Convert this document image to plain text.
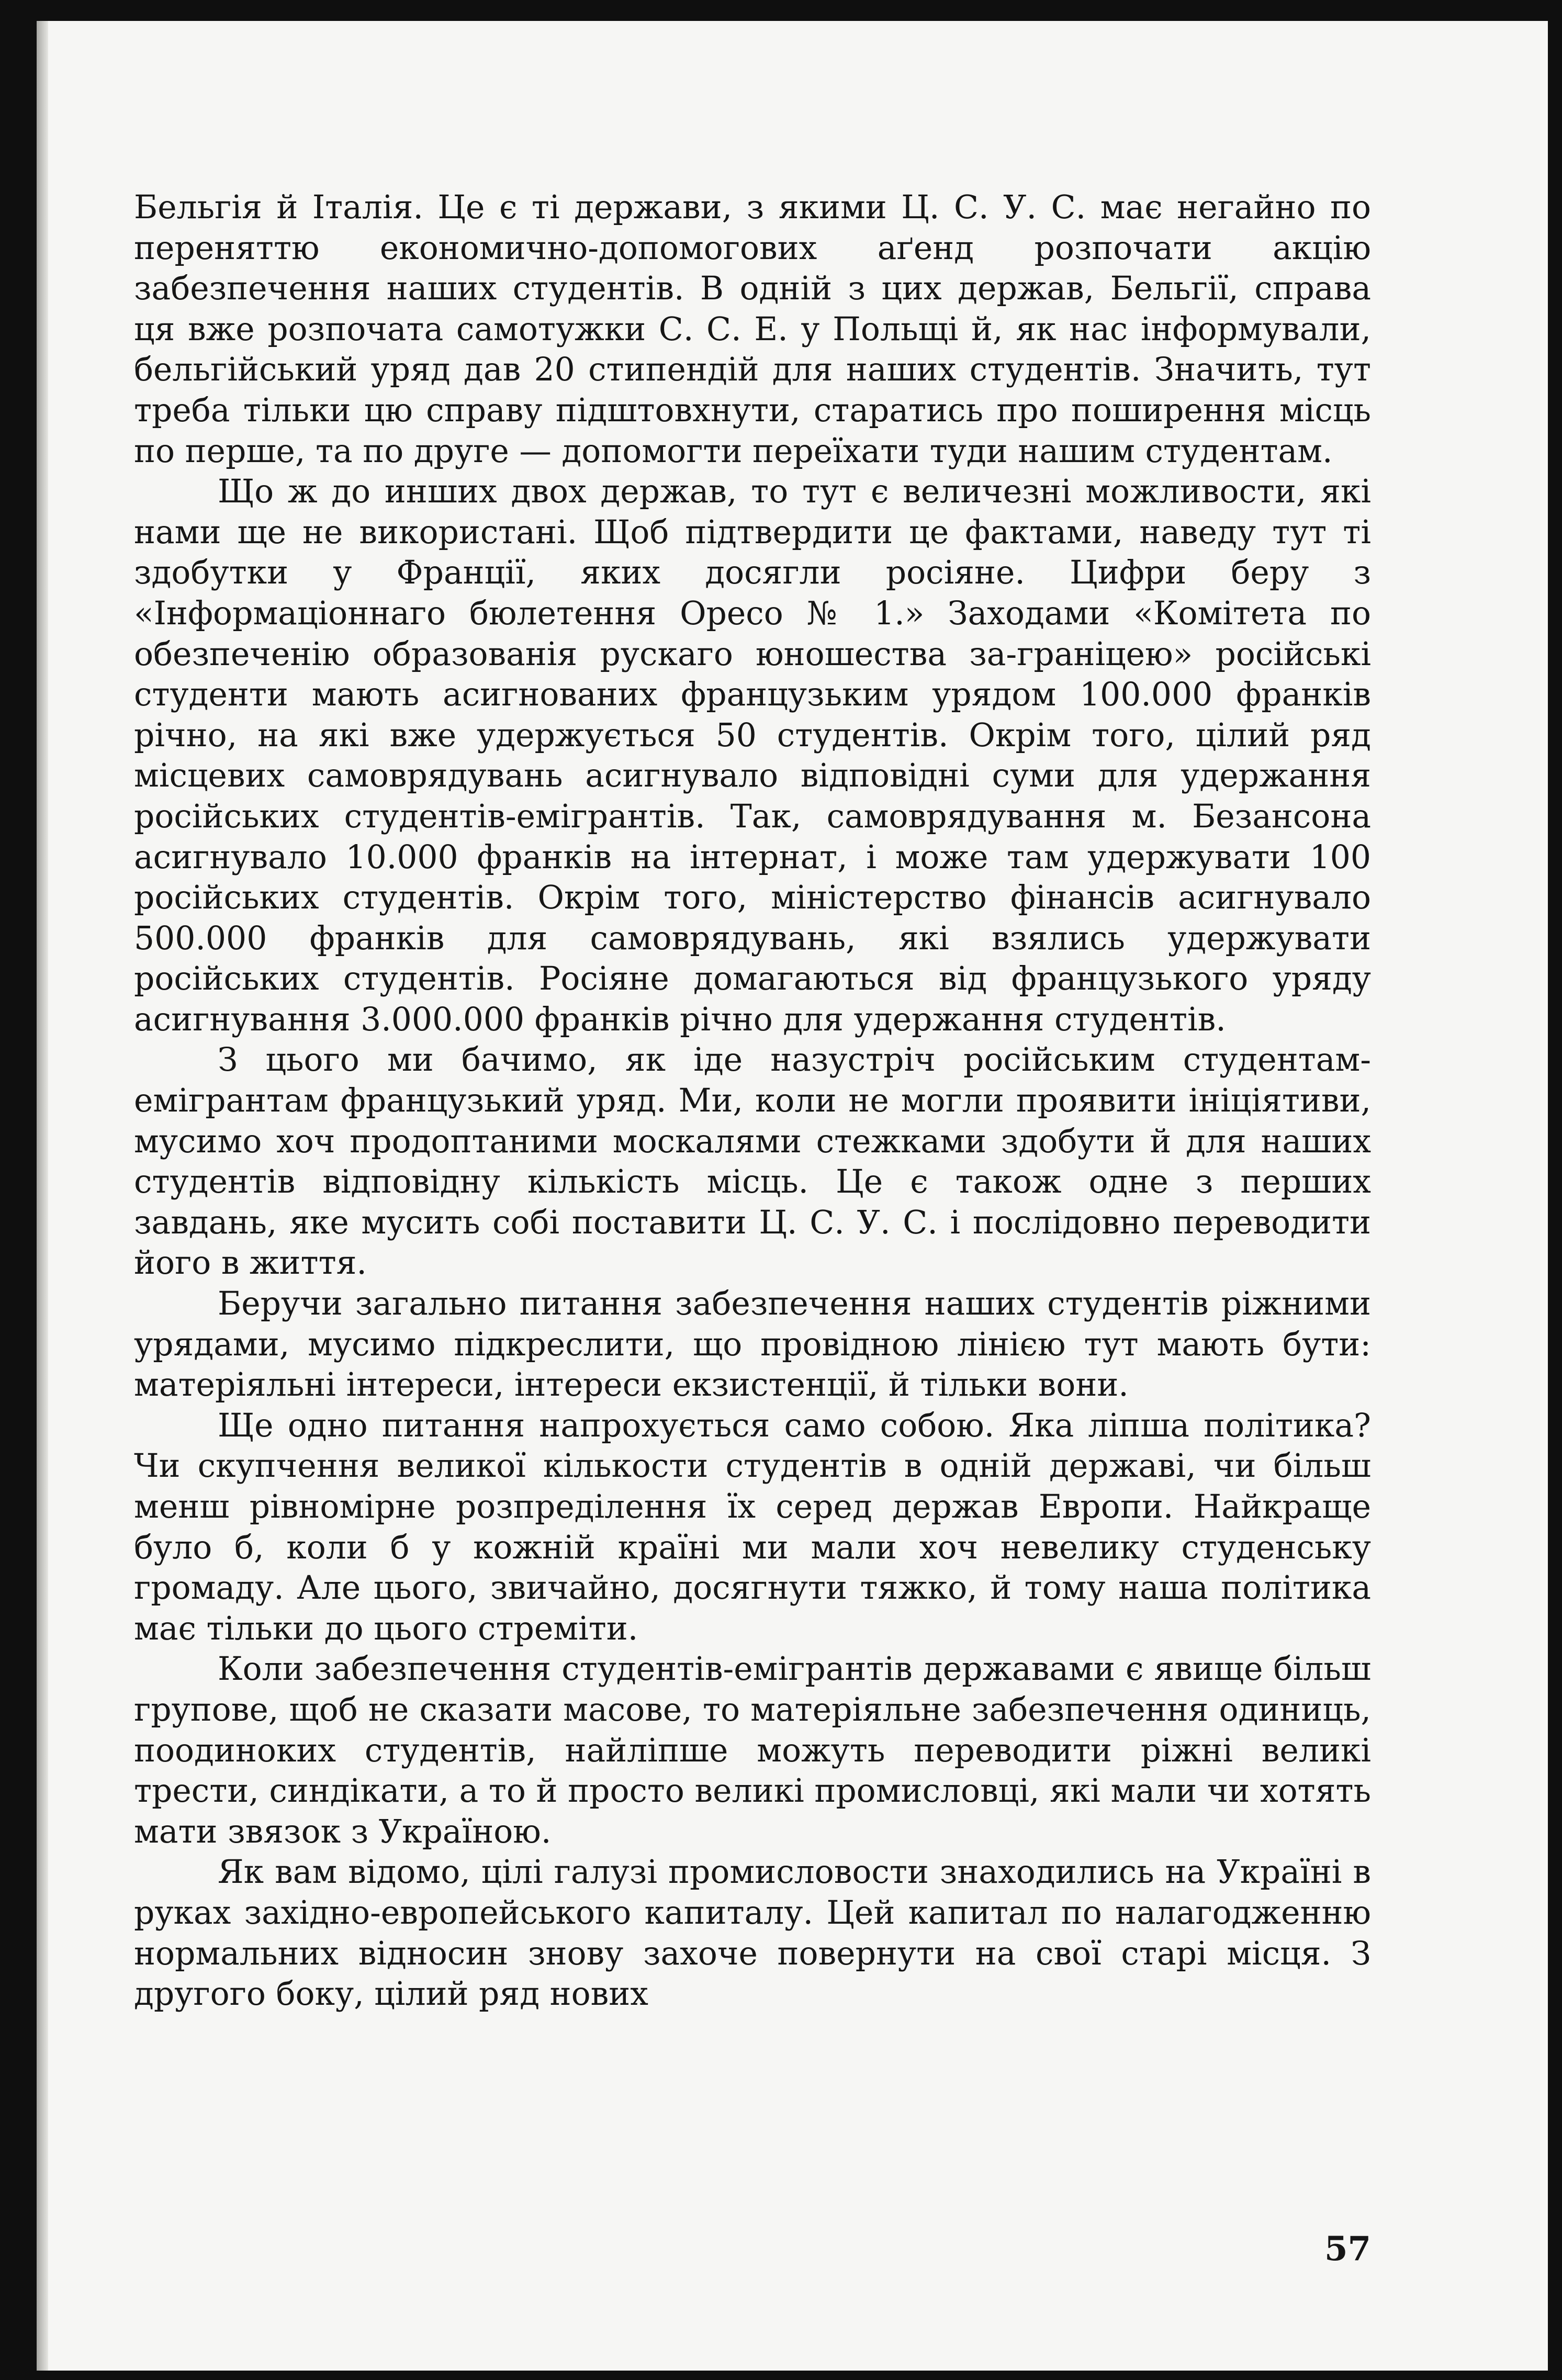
Бельгія й Італія. Це є ті держави, з якими Ц. С. У. С. має негайно по переняттю економично-допомогових аґенд розпочати акцію забезпечення наших студентів. В одній з цих держав, Бельгії, справа ця вже розпочата самотужки С. С. Е. у Польщі й, як нас інформували, бельгійський уряд дав 20 стипендій для наших студентів. Значить, тут треба тільки цю справу підштовхнути, старатись про поширення місць по перше, та по друге — допомогти переїхати туди нашим студентам.

Що ж до инших двох держав, то тут є величезні можливости, які нами ще не використані. Щоб підтвердити це фактами, наведу тут ті здобутки у Франції, яких досягли росіяне. Цифри беру з «Інформаціоннаго бюлетення Оресо № 1.» Заходами «Комітета по обезпеченію образованія рускаго юношества за-граніцею» російські студенти мають асигнованих французьким урядом 100.000 франків річно, на які вже удержується 50 студентів. Окрім того, цілий ряд місцевих самоврядувань асигнувало відповідні суми для удержання російських студентів-емігрантів. Так, самоврядування м. Безансона асигнувало 10.000 франків на інтернат, і може там удержувати 100 російських студентів. Окрім того, міністерство фінансів асигнувало 500.000 франків для самоврядувань, які взялись удержувати російських студентів. Росіяне домагаються від французького уряду асигнування 3.000.000 франків річно для удержання студентів.

З цього ми бачимо, як іде назустріч російським студентам-емігрантам французький уряд. Ми, коли не могли проявити ініціятиви, мусимо хоч продоптаними москалями стежками здобути й для наших студентів відповідну кількість місць. Це є також одне з перших завдань, яке мусить собі поставити Ц. С. У. С. і послідовно переводити його в життя.

Беручи загально питання забезпечення наших студентів ріжними урядами, мусимо підкреслити, що провідною лінією тут мають бути: матеріяльні інтереси, інтереси екзистенції, й тільки вони.

Ще одно питання напрохується само собою. Яка ліпша політика? Чи скупчення великої кількости студентів в одній державі, чи більш менш рівномірне розпреділення їх серед держав Европи. Найкраще було б, коли б у кожній країні ми мали хоч невелику студенську громаду. Але цього, звичайно, досягнути тяжко, й тому наша політика має тільки до цього стреміти.

Коли забезпечення студентів-емігрантів державами є явище більш групове, щоб не сказати масове, то матеріяльне забезпечення одиниць, поодиноких студентів, найліпше можуть переводити ріжні великі трести, синдікати, а то й просто великі промисловці, які мали чи хотять мати звязок з Україною.

Як вам відомо, цілі галузі промисловости знаходились на Україні в руках західно-европейського капиталу. Цей капитал по налагодженню нормальних відносин знову захоче повернути на свої старі місця. З другого боку, цілий ряд нових

57
